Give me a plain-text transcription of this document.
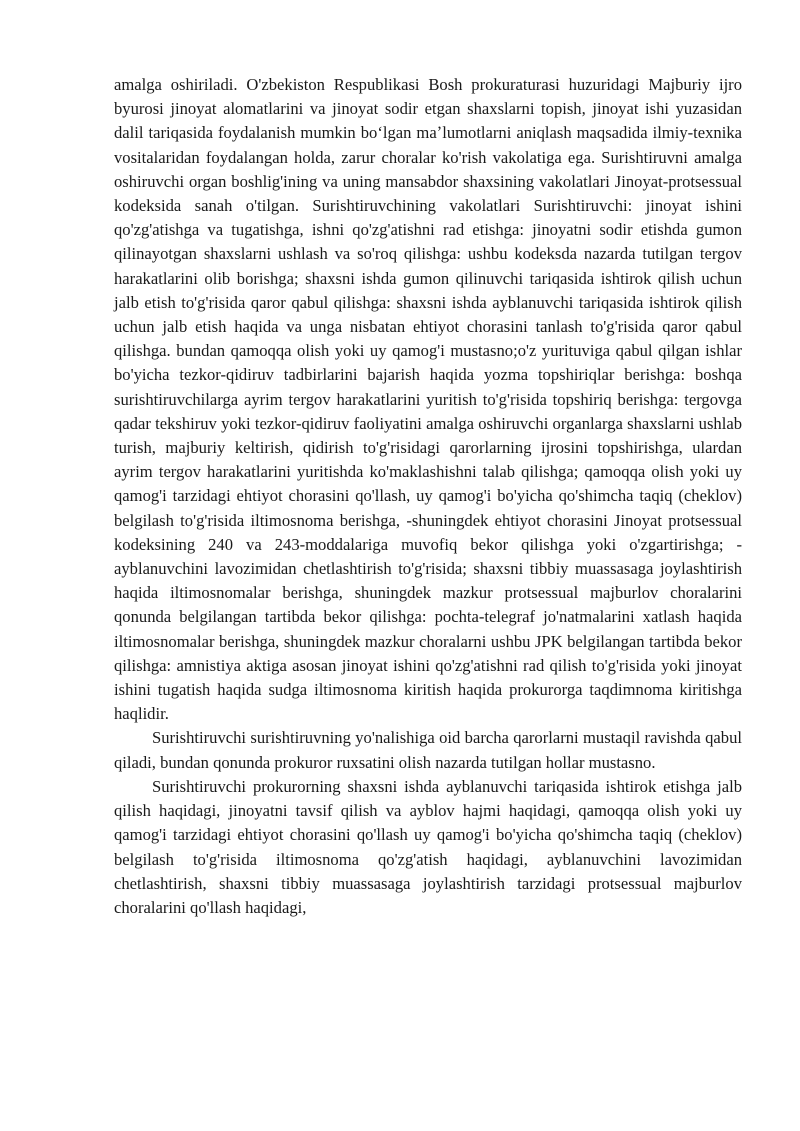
amalga oshiriladi. O'zbekiston Respublikasi Bosh prokuraturasi huzuridagi Majburiy ijro byurosi jinoyat alomatlarini va jinoyat sodir etgan shaxslarni topish, jinoyat ishi yuzasidan dalil tariqasida foydalanish mumkin boʻlgan maʼlumotlarni aniqlash maqsadida ilmiy-texnika vositalaridan foydalangan holda, zarur choralar ko'rish vakolatiga ega. Surishtiruvni amalga oshiruvchi organ boshlig'ining va uning mansabdor shaxsining vakolatlari Jinoyat-protsessual kodeksida sanah o'tilgan. Surishtiruvchining vakolatlari Surishtiruvchi: jinoyat ishini qo'zg'atishga va tugatishga, ishni qo'zg'atishni rad etishga: jinoyatni sodir etishda gumon qilinayotgan shaxslarni ushlash va so'roq qilishga: ushbu kodeksda nazarda tutilgan tergov harakatlarini olib borishga; shaxsni ishda gumon qilinuvchi tariqasida ishtirok qilish uchun jalb etish to'g'risida qaror qabul qilishga: shaxsni ishda ayblanuvchi tariqasida ishtirok qilish uchun jalb etish haqida va unga nisbatan ehtiyot chorasini tanlash to'g'risida qaror qabul qilishga. bundan qamoqqa olish yoki uy qamog'i mustasno;o'z yurituviga qabul qilgan ishlar bo'yicha tezkor-qidiruv tadbirlarini bajarish haqida yozma topshiriqlar berishga: boshqa surishtiruvchilarga ayrim tergov harakatlarini yuritish to'g'risida topshiriq berishga: tergovga qadar tekshiruv yoki tezkor-qidiruv faoliyatini amalga oshiruvchi organlarga shaxslarni ushlab turish, majburiy keltirish, qidirish to'g'risidagi qarorlarning ijrosini topshirishga, ulardan ayrim tergov harakatlarini yuritishda ko'maklashishni talab qilishga; qamoqqa olish yoki uy qamog'i tarzidagi ehtiyot chorasini qo'llash, uy qamog'i bo'yicha qo'shimcha taqiq (cheklov) belgilash to'g'risida iltimosnoma berishga, -shuningdek ehtiyot chorasini Jinoyat protsessual kodeksining 240 va 243-moddalariga muvofiq bekor qilishga yoki o'zgartirishga; -ayblanuvchini lavozimidan chetlashtirish to'g'risida; shaxsni tibbiy muassasaga joylashtirish haqida iltimosnomalar berishga, shuningdek mazkur protsessual majburlov choralarini qonunda belgilangan tartibda bekor qilishga: pochta-telegraf jo'natmalarini xatlash haqida iltimosnomalar berishga, shuningdek mazkur choralarni ushbu JPK belgilangan tartibda bekor qilishga: amnistiya aktiga asosan jinoyat ishini qo'zg'atishni rad qilish to'g'risida yoki jinoyat ishini tugatish haqida sudga iltimosnoma kiritish haqida prokurorga taqdimnoma kiritishga haqlidir.

Surishtiruvchi surishtiruvning yo'nalishiga oid barcha qarorlarni mustaqil ravishda qabul qiladi, bundan qonunda prokuror ruxsatini olish nazarda tutilgan hollar mustasno.

Surishtiruvchi prokurorning shaxsni ishda ayblanuvchi tariqasida ishtirok etishga jalb qilish haqidagi, jinoyatni tavsif qilish va ayblov hajmi haqidagi, qamoqqa olish yoki uy qamog'i tarzidagi ehtiyot chorasini qo'llash uy qamog'i bo'yicha qo'shimcha taqiq (cheklov) belgilash to'g'risida iltimosnoma qo'zg'atish haqidagi, ayblanuvchini lavozimidan chetlashtirish, shaxsni tibbiy muassasaga joylashtirish tarzidagi protsessual majburlov choralarini qo'llash haqidagi,
